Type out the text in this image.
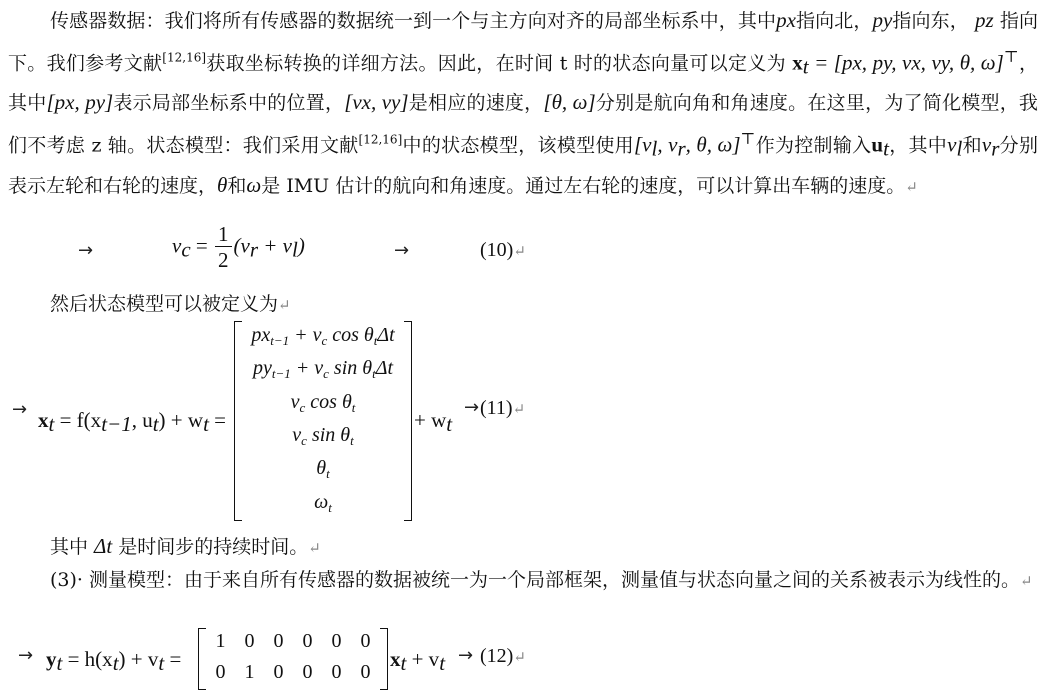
传感器数据：我们将所有传感器的数据统一到一个与主方向对齐的局部坐标系中，其中px指向北，py指向东， pz 指向下。我们参考文献[12,16]获取坐标转换的详细方法。因此，在时间 t 时的状态向量可以定义为 $x_t = [px$, py, vx, vy, θ, ω]⊤，其中[px, py]表示局部坐标系中的位置，[vx, vy]是相应的速度，[θ, ω]分别是航向角和角速度。在这里，为了简化模型，我们不考虑 z 轴。状态模型：我们采用文献[12,16]中的状态模型，该模型使用[$v_l$, $v_r$, θ, ω]⊤作为控制输入$u_t$，其中$v_l$和$v_r$分别表示左轮和右轮的速度，θ和ω是 IMU 估计的航向和角速度。通过左右轮的速度，可以计算出车辆的速度。↵
→	$v_c = \frac{1}{2} (v_r + v_l)$	→	(10)↵
然后状态模型可以被定义为↵
→ $x_t = f(x_{t-1}$, $u_t) + w_t$ =
$px_{t-1} + v_c$ $\cos \theta_t\Delta t$
$py_{t-1} + v_c$ $\sin \theta_t\Delta t$
$v_c$ $\cos \theta_t$
$v_c$ $\sin \theta_t$
$\theta_t$
$\omega_t$
+ $w_t$
→ (11)↵
其中 Δt 是时间步的持续时间。↵
(3)· 测量模型：由于来自所有传感器的数据被统一为一个局部框架，测量值与状态向量之间的关系被表示为线性的。↵
→ $y_t = h(x_t) + v_t$ =
1 0 0 0 0 0
0 1 0 0 0 0
$x_t + v_t$ → (12)↵
